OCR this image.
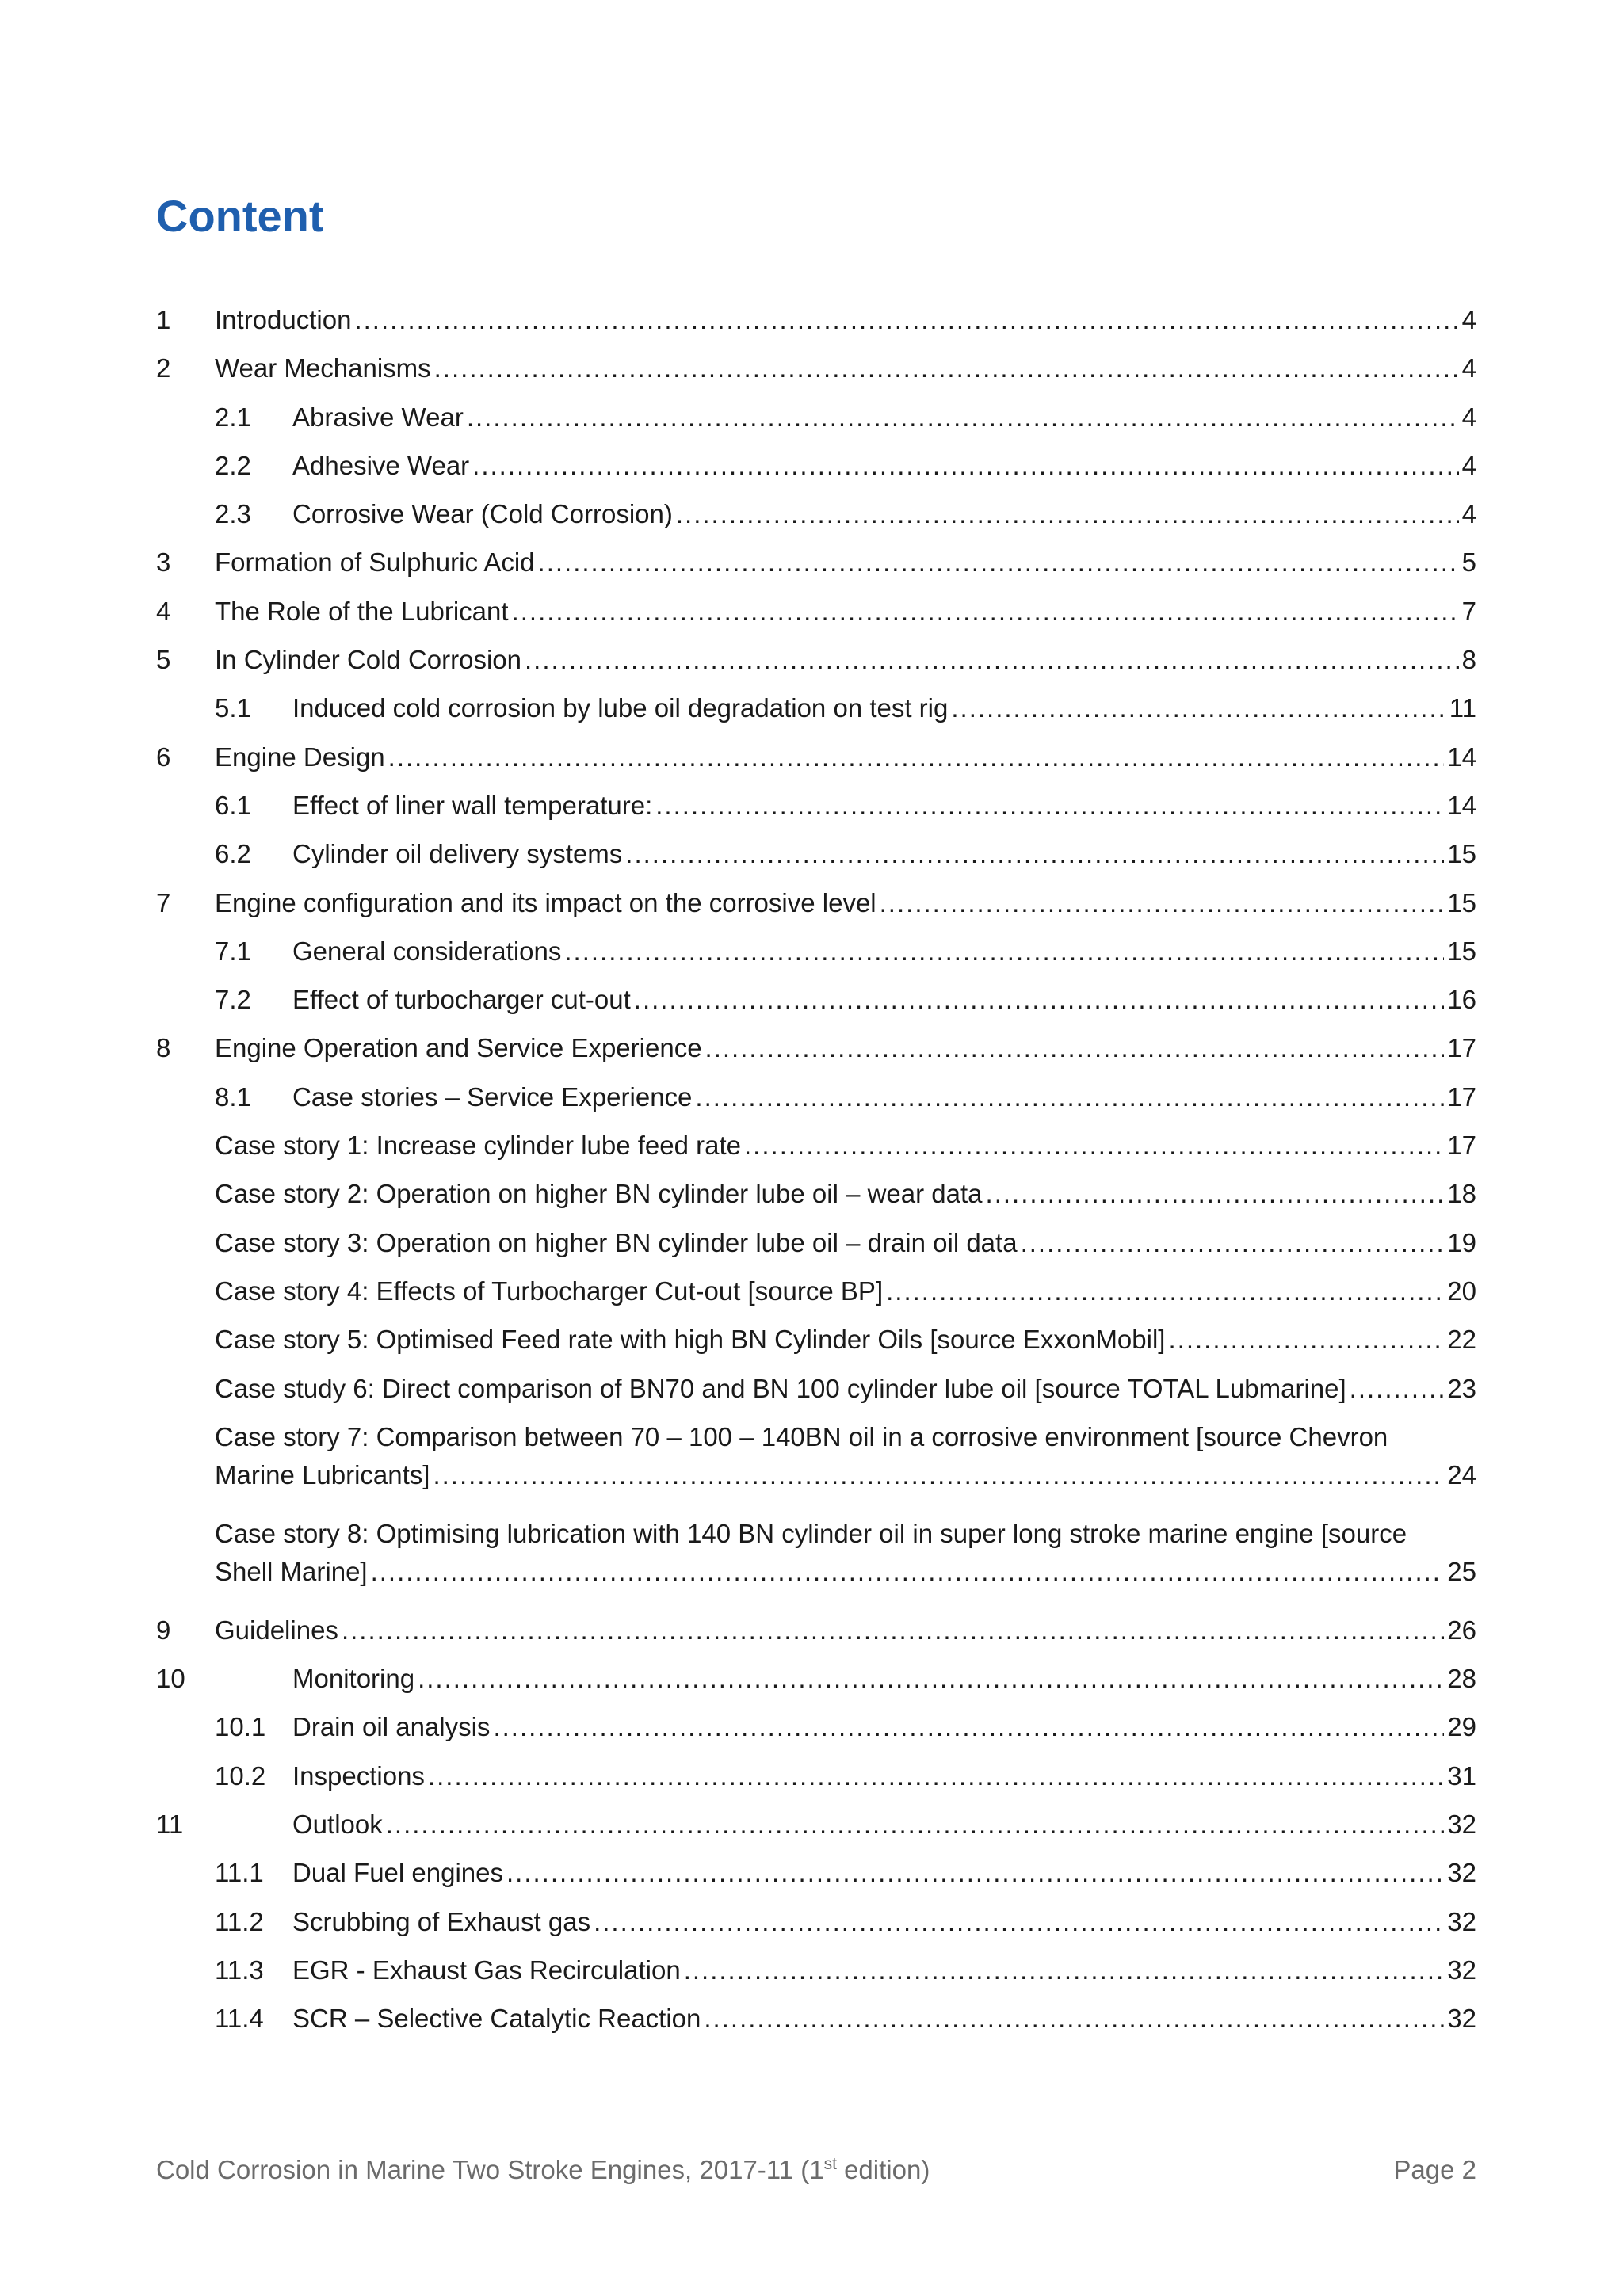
Content
1 Introduction .....	4
2 Wear Mechanisms .....	4
2.1 Abrasive Wear .....	4
2.2 Adhesive Wear .....	4
2.3 Corrosive Wear (Cold Corrosion) .....	4
3 Formation of Sulphuric Acid .....	5
4 The Role of the Lubricant .....	7
5 In Cylinder Cold Corrosion .....	8
5.1 Induced cold corrosion by lube oil degradation on test rig .....	11
6 Engine Design .....	14
6.1 Effect of liner wall temperature: .....	14
6.2 Cylinder oil delivery systems .....	15
7 Engine configuration and its impact on the corrosive level .....	15
7.1 General considerations .....	15
7.2 Effect of turbocharger cut-out .....	16
8 Engine Operation and Service Experience .....	17
8.1 Case stories – Service Experience .....	17
Case story 1: Increase cylinder lube feed rate .....	17
Case story 2: Operation on higher BN cylinder lube oil – wear data .....	18
Case story 3: Operation on higher BN cylinder lube oil – drain oil data .....	19
Case story 4: Effects of Turbocharger Cut-out [source BP] .....	20
Case story 5: Optimised Feed rate with high BN Cylinder Oils [source ExxonMobil] .....	22
Case study 6: Direct comparison of BN70 and BN 100 cylinder lube oil [source TOTAL Lubmarine] .....	23
Case story 7: Comparison between 70 – 100 – 140BN oil in a corrosive environment [source Chevron
Marine Lubricants] .....	24
Case story 8: Optimising lubrication with 140 BN cylinder oil in super long stroke marine engine [source
Shell Marine] .....	25
9 Guidelines .....	26
10	Monitoring .....	28
10.1 Drain oil analysis .....	29
10.2 Inspections .....	31
11	Outlook .....	32
11.1 Dual Fuel engines .....	32
11.2 Scrubbing of Exhaust gas .....	32
11.3 EGR - Exhaust Gas Recirculation .....	32
11.4 SCR – Selective Catalytic Reaction .....	32
Cold Corrosion in Marine Two Stroke Engines, 2017-11 (1st edition)	Page 2
